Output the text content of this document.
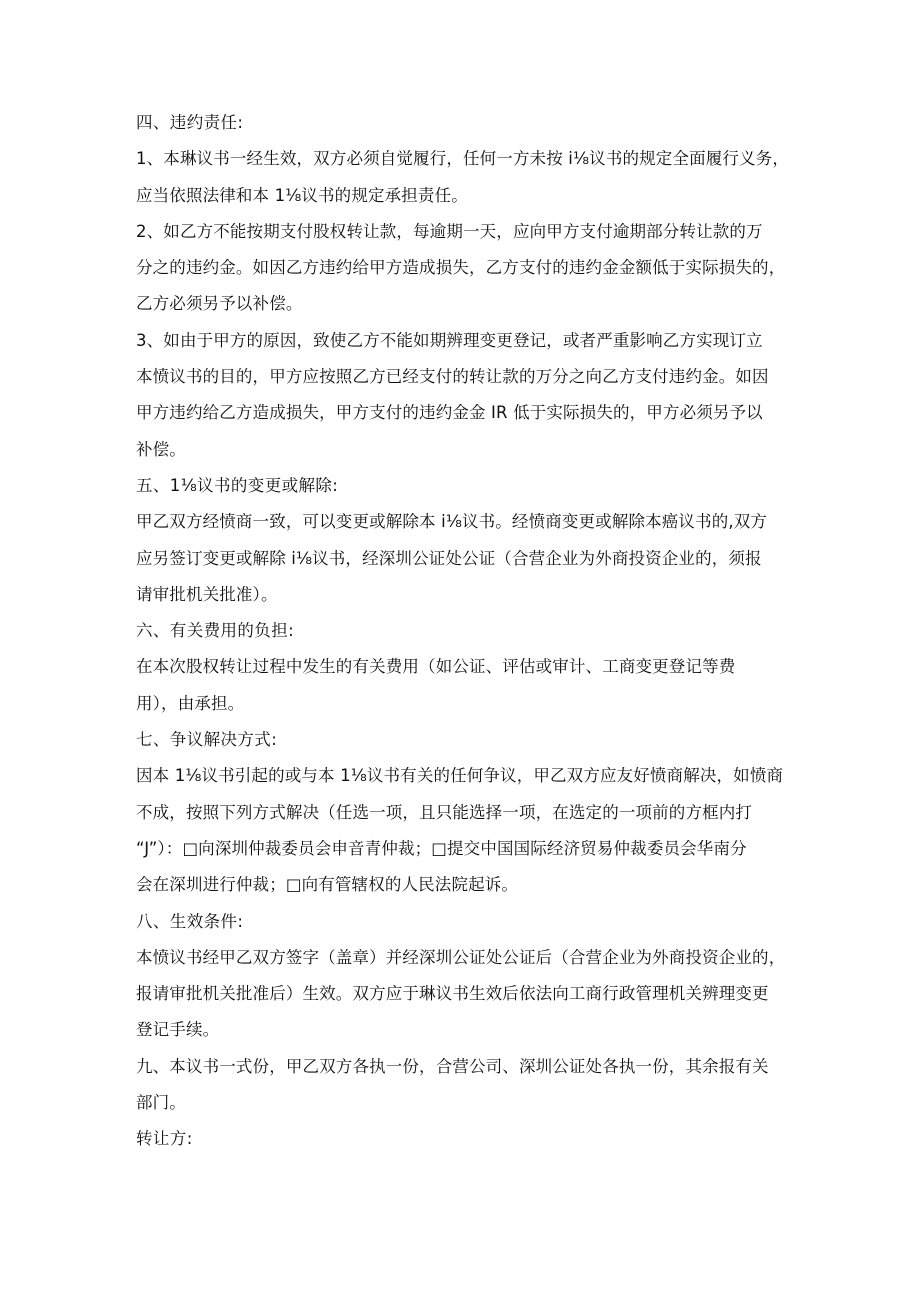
四、违约责任:
1、本琳议书一经生效，双方必须自觉履行，任何一方未按 i⅛议书的规定全面履行义务，
应当依照法律和本 1⅛议书的规定承担责任。
2、如乙方不能按期支付股权转让款，每逾期一天，应向甲方支付逾期部分转让款的万
分之的违约金。如因乙方违约给甲方造成损失，乙方支付的违约金金额低于实际损失的，
乙方必须另予以补偿。
3、如由于甲方的原因，致使乙方不能如期辨理变更登记，或者严重影响乙方实现订立
本愤议书的目的，甲方应按照乙方已经支付的转让款的万分之向乙方支付违约金。如因
甲方违约给乙方造成损失，甲方支付的违约金金 IR 低于实际损失的，甲方必须另予以
补偿。
五、1⅛议书的变更或解除:
甲乙双方经愤商一致，可以变更或解除本 i⅛议书。经愤商变更或解除本癌议书的,双方
应另签订变更或解除 i⅛议书，经深圳公证处公证（合营企业为外商投资企业的，须报
请审批机关批准）。
六、有关费用的负担:
在本次股权转让过程中发生的有关费用（如公证、评估或审计、工商变更登记等费
用），由承担。
七、争议解决方式:
因本 1⅛议书引起的或与本 1⅛议书有关的任何争议，甲乙双方应友好愤商解决，如愤商
不成，按照下列方式解决（任选一项，且只能选择一项，在选定的一项前的方框内打
“J”）：□向深圳仲裁委员会申音青仲裁；□提交中国国际经济贸易仲裁委员会华南分
会在深圳进行仲裁；□向有管辖权的人民法院起诉。
八、生效条件:
本愤议书经甲乙双方签字（盖章）并经深圳公证处公证后（合营企业为外商投资企业的，
报请审批机关批准后）生效。双方应于琳议书生效后依法向工商行政管理机关辨理变更
登记手续。
九、本议书一式份，甲乙双方各执一份，合营公司、深圳公证处各执一份，其余报有关
部门。
转让方:
